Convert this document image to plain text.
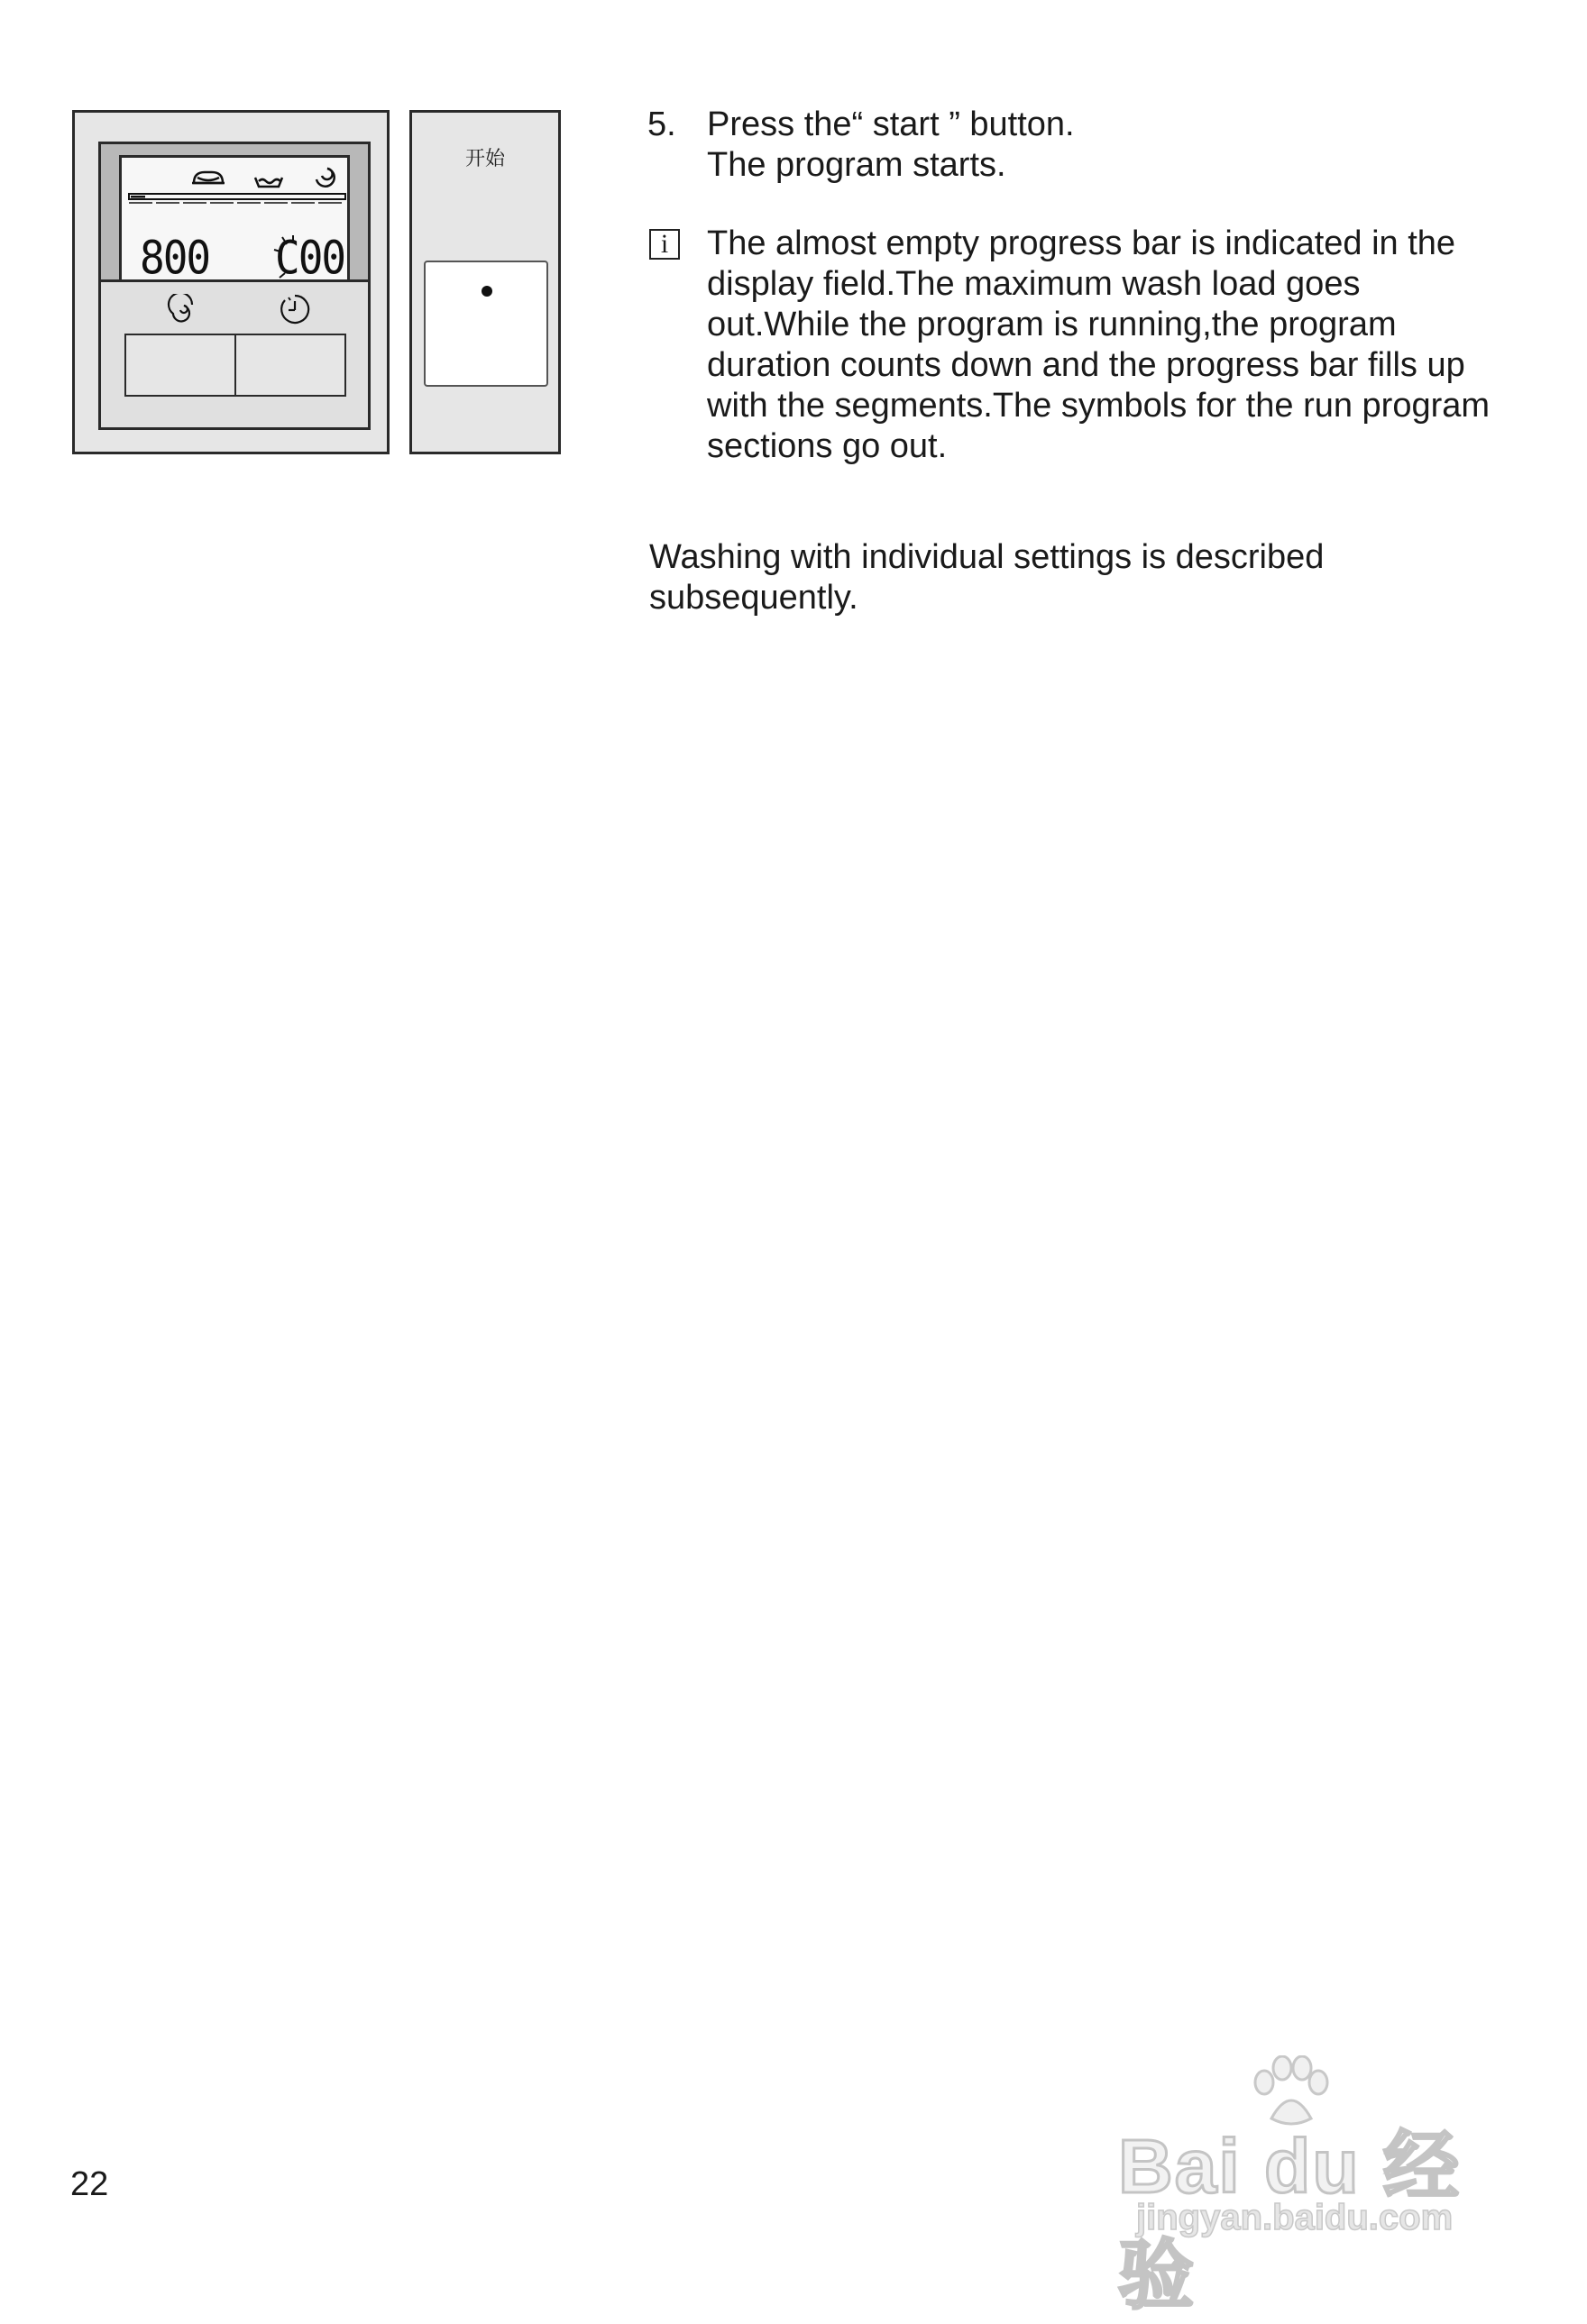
800 C00
开始
5. Press the“ start ” button.
The program starts.
i	The almost empty progress bar is indicated in the display field.The maximum wash load goes out.While the program is running,the program duration counts down and the progress bar fills up with the segments.The symbols for the run program sections go out.
Washing with individual settings is described subsequently.
22	Bai du 经验
jingyan.baidu.com
